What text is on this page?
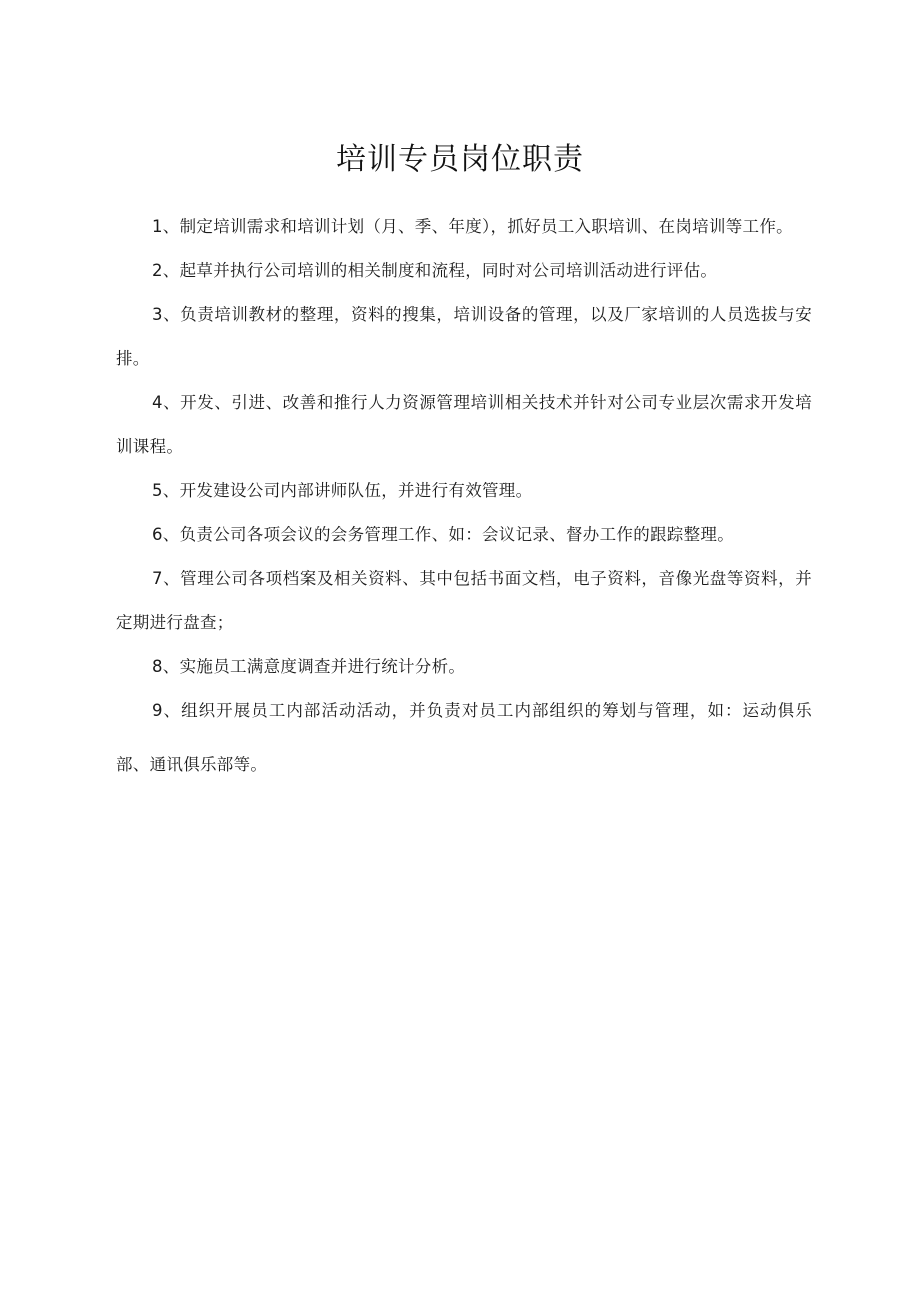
培训专员岗位职责

1、制定培训需求和培训计划（月、季、年度），抓好员工入职培训、在岗培训等工作。

2、起草并执行公司培训的相关制度和流程，同时对公司培训活动进行评估。

3、负责培训教材的整理，资料的搜集，培训设备的管理，以及厂家培训的人员选拔与安排。

4、开发、引进、改善和推行人力资源管理培训相关技术并针对公司专业层次需求开发培训课程。

5、开发建设公司内部讲师队伍，并进行有效管理。

6、负责公司各项会议的会务管理工作、如：会议记录、督办工作的跟踪整理。

7、管理公司各项档案及相关资料、其中包括书面文档，电子资料，音像光盘等资料，并定期进行盘查；

8、实施员工满意度调查并进行统计分析。

9、组织开展员工内部活动活动，并负责对员工内部组织的筹划与管理，如：运动俱乐部、通讯俱乐部等。
